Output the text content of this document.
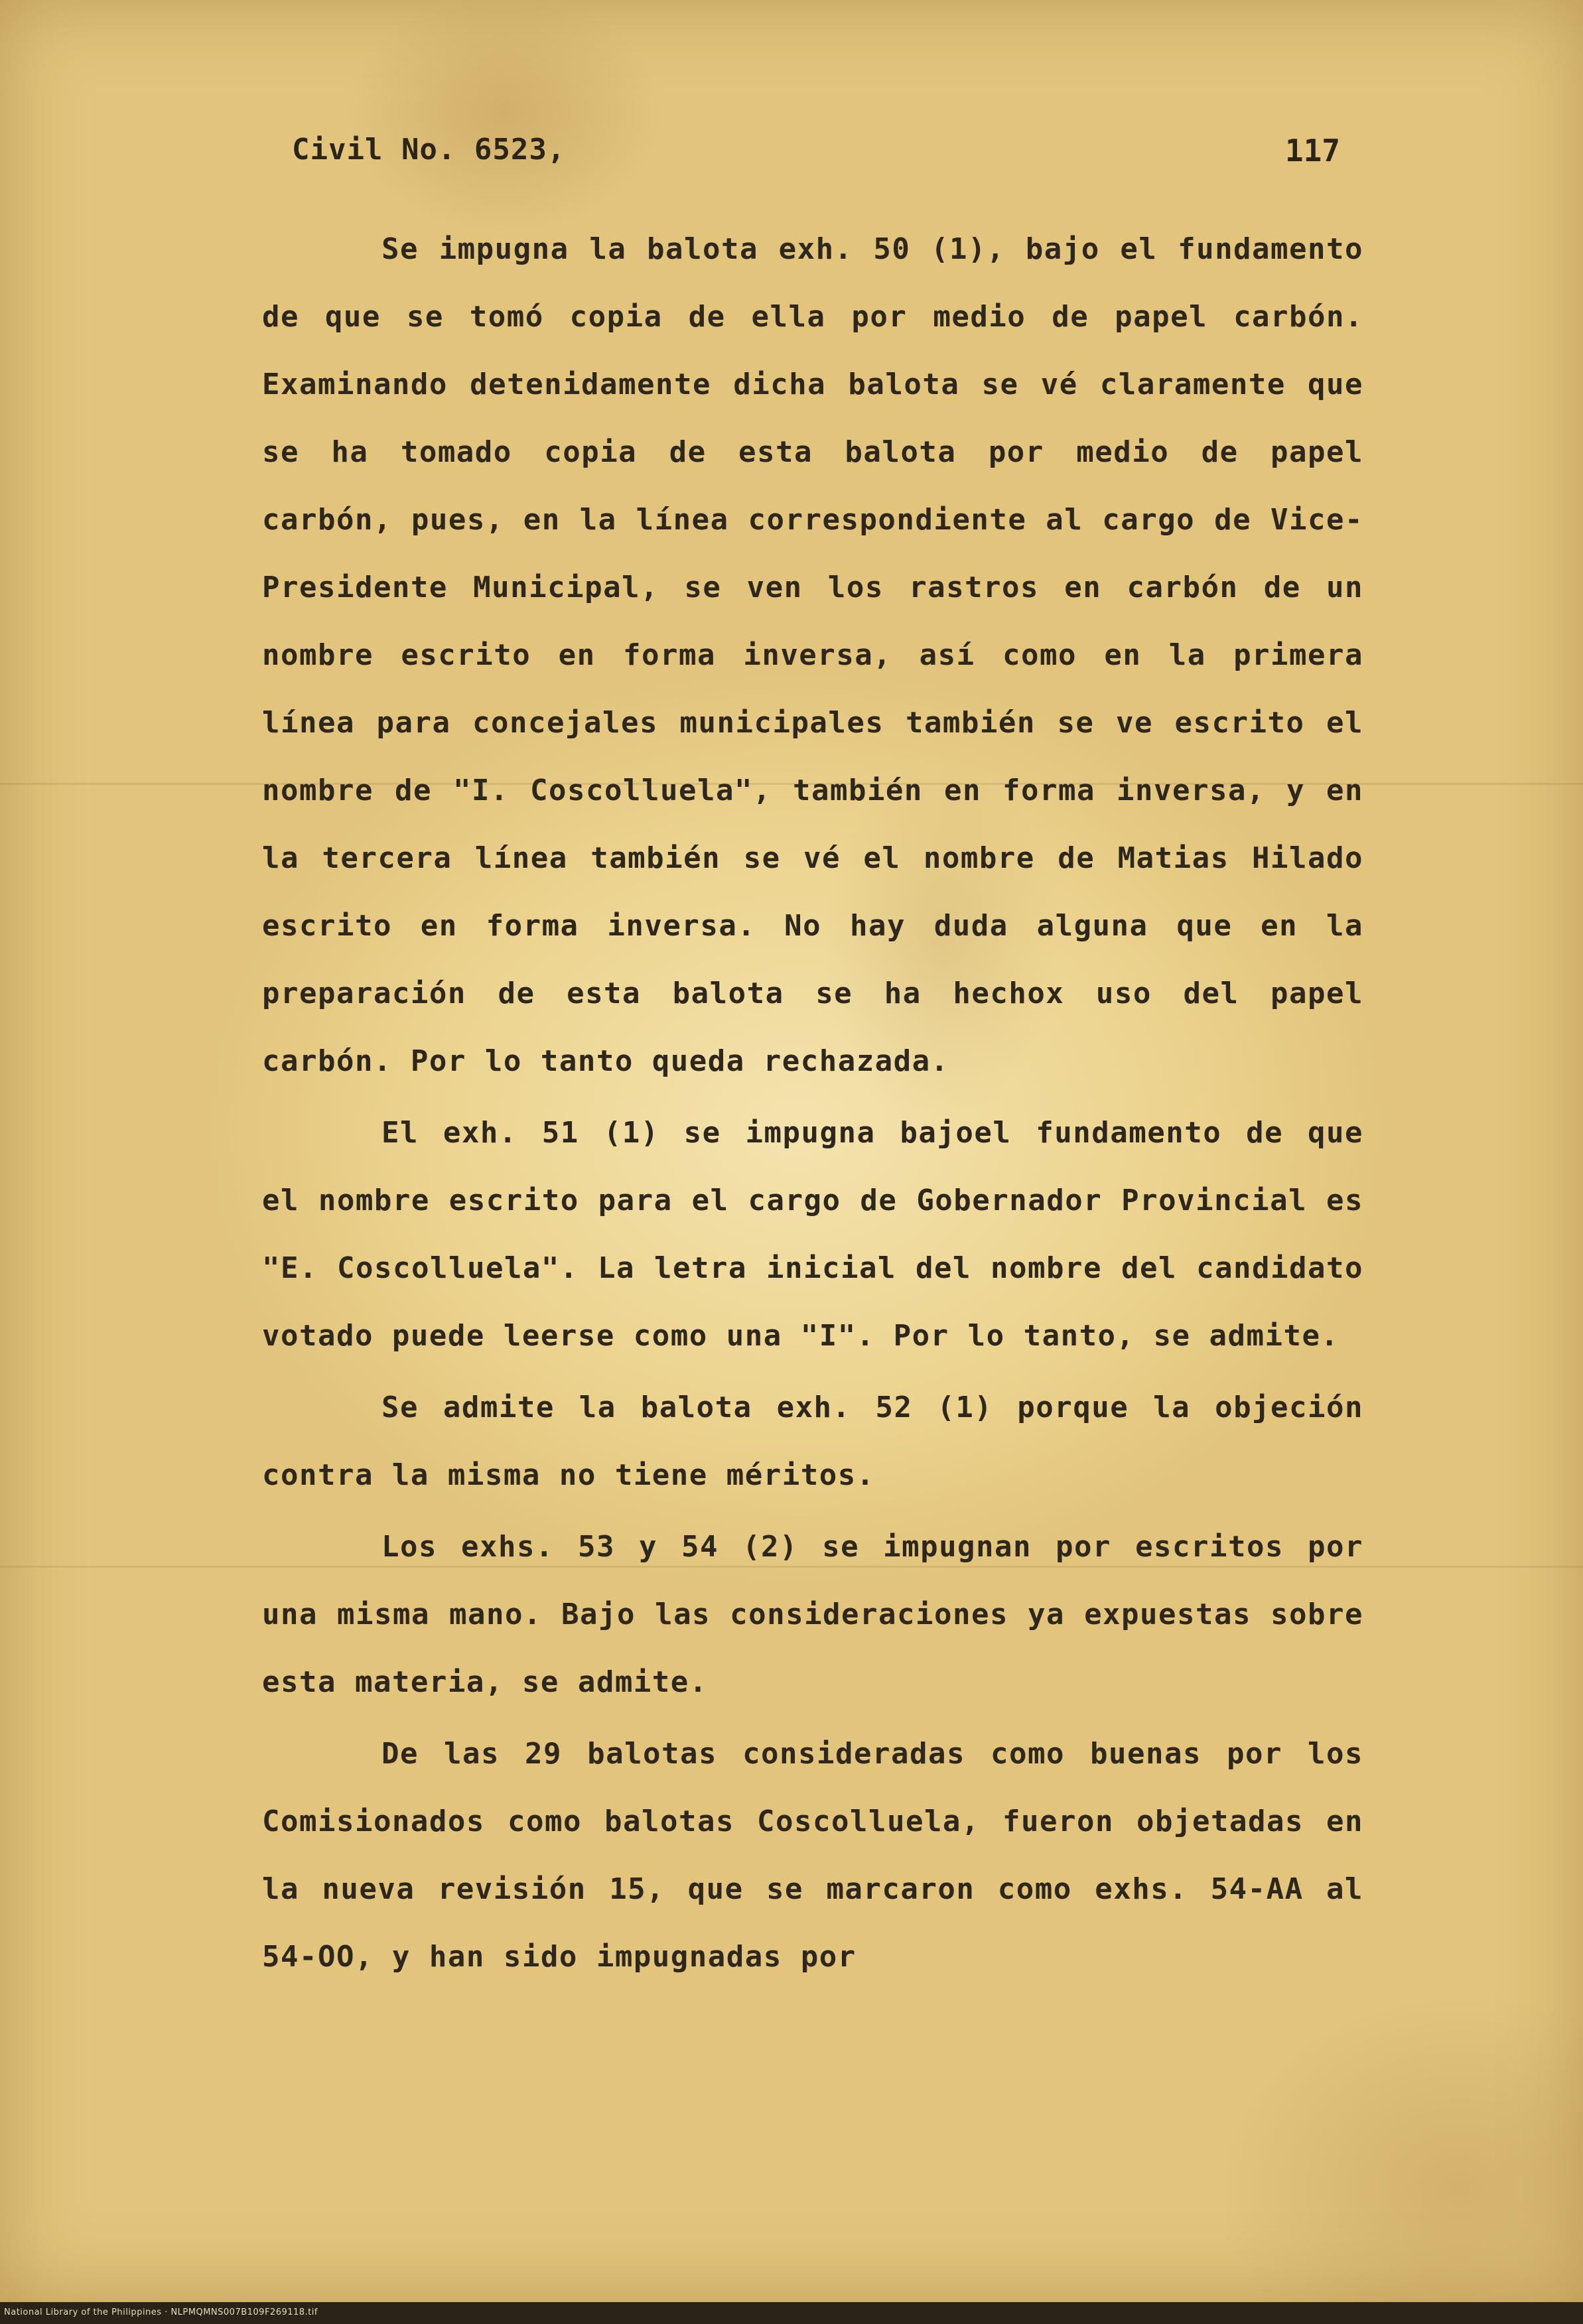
Civil No. 6523,	117

Se impugna la balota exh. 50 (1), bajo el fundamento de que se tomó copia de ella por medio de papel carbón. Examinando detenidamente dicha balota se vé claramente que se ha tomado copia de esta balota por medio de papel carbón, pues, en la línea correspondiente al cargo de Vice-Presidente Municipal, se ven los rastros en carbón de un nombre escrito en forma inversa, así como en la primera línea para concejales municipales también se ve escrito el nombre de "I. Coscolluela", también en forma inversa, y en la tercera línea también se vé el nombre de Matias Hilado escrito en forma inversa. No hay duda alguna que en la preparación de esta balota se ha hechox uso del papel carbón. Por lo tanto queda rechazada.

El exh. 51 (1) se impugna bajoel fundamento de que el nombre escrito para el cargo de Gobernador Provincial es "E. Coscolluela". La letra inicial del nombre del candidato votado puede leerse como una "I". Por lo tanto, se admite.

Se admite la balota exh. 52 (1) porque la objeción contra la misma no tiene méritos.

Los exhs. 53 y 54 (2) se impugnan por escritos por una misma mano. Bajo las consideraciones ya expuestas sobre esta materia, se admite.

De las 29 balotas consideradas como buenas por los Comisionados como balotas Coscolluela, fueron objetadas en la nueva revisión 15, que se marcaron como exhs. 54-AA al 54-OO, y han sido impugnadas por

National Library of the Philippines · NLPMQMNS007B109F269118.tif
